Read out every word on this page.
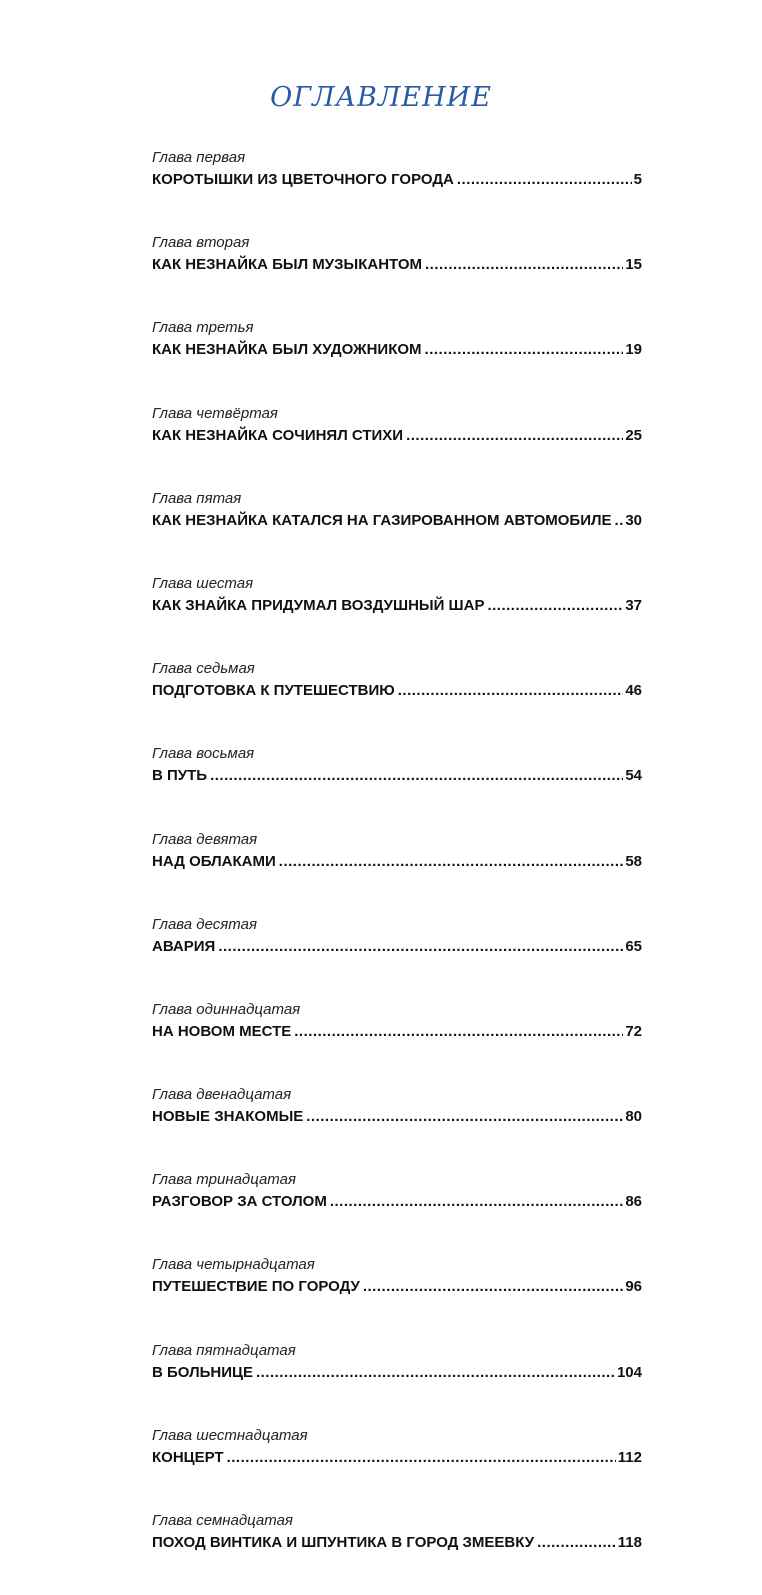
ОГЛАВЛЕНИЕ
Глава первая
КОРОТЫШКИ ИЗ ЦВЕТОЧНОГО ГОРОДА .....	5
Глава вторая
КАК НЕЗНАЙКА БЫЛ МУЗЫКАНТОМ .....	15
Глава третья
КАК НЕЗНАЙКА БЫЛ ХУДОЖНИКОМ .....	19
Глава четвёртая
КАК НЕЗНАЙКА СОЧИНЯЛ СТИХИ .....	25
Глава пятая
КАК НЕЗНАЙКА КАТАЛСЯ НА ГАЗИРОВАННОМ АВТОМОБИЛЕ ..... 30
Глава шестая
КАК ЗНАЙКА ПРИДУМАЛ ВОЗДУШНЫЙ ШАР .....	37
Глава седьмая
ПОДГОТОВКА К ПУТЕШЕСТВИЮ .....	46
Глава восьмая
В ПУТЬ .....	54
Глава девятая
НАД ОБЛАКАМИ .....	58
Глава десятая
АВАРИЯ .....	65
Глава одиннадцатая
НА НОВОМ МЕСТЕ .....	72
Глава двенадцатая
НОВЫЕ ЗНАКОМЫЕ .....	80
Глава тринадцатая
РАЗГОВОР ЗА СТОЛОМ .....	86
Глава четырнадцатая
ПУТЕШЕСТВИЕ ПО ГОРОДУ .....	96
Глава пятнадцатая
В БОЛЬНИЦЕ .....	104
Глава шестнадцатая
КОНЦЕРТ .....	112
Глава семнадцатая
ПОХОД ВИНТИКА И ШПУНТИКА В ГОРОД ЗМЕЕВКУ .....	118
